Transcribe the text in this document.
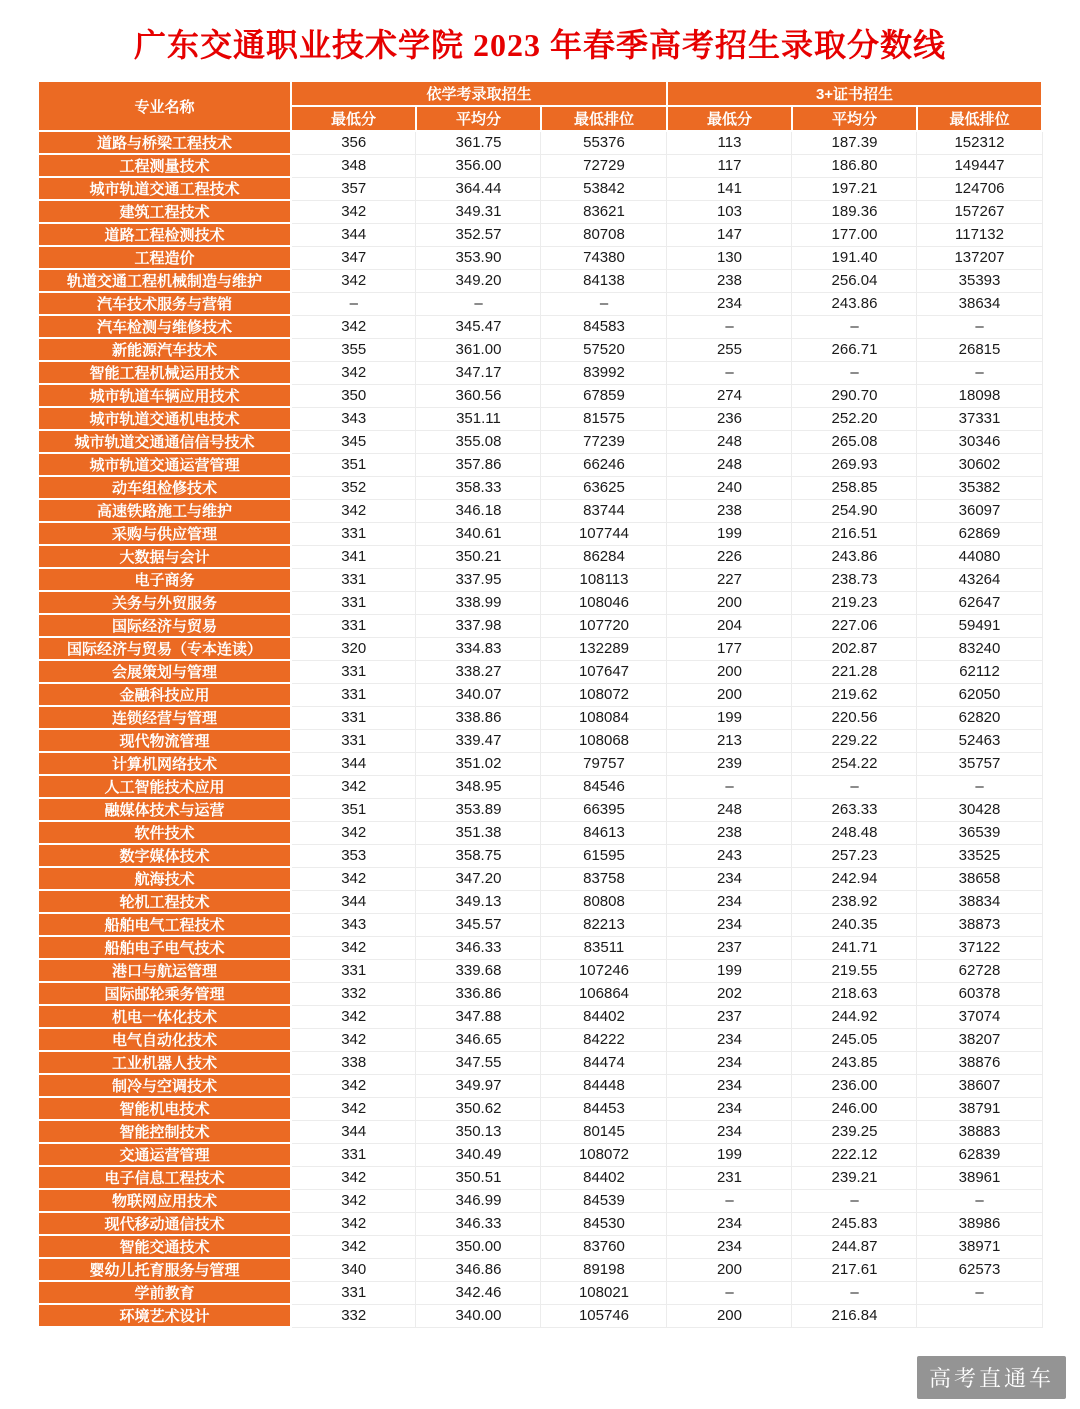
广东交通职业技术学院 2023 年春季高考招生录取分数线
专业名称	依学考录取招生			3+证书招生		
	最低分	平均分	最低排位	最低分	平均分	最低排位
道路与桥梁工程技术	356	361.75	55376	113	187.39	152312
工程测量技术	348	356.00	72729	117	186.80	149447
城市轨道交通工程技术	357	364.44	53842	141	197.21	124706
建筑工程技术	342	349.31	83621	103	189.36	157267
道路工程检测技术	344	352.57	80708	147	177.00	117132
工程造价	347	353.90	74380	130	191.40	137207
轨道交通工程机械制造与维护	342	349.20	84138	238	256.04	35393
汽车技术服务与营销	–	–	–	234	243.86	38634
汽车检测与维修技术	342	345.47	84583	–	–	–
新能源汽车技术	355	361.00	57520	255	266.71	26815
智能工程机械运用技术	342	347.17	83992	–	–	–
城市轨道车辆应用技术	350	360.56	67859	274	290.70	18098
城市轨道交通机电技术	343	351.11	81575	236	252.20	37331
城市轨道交通通信信号技术	345	355.08	77239	248	265.08	30346
城市轨道交通运营管理	351	357.86	66246	248	269.93	30602
动车组检修技术	352	358.33	63625	240	258.85	35382
高速铁路施工与维护	342	346.18	83744	238	254.90	36097
采购与供应管理	331	340.61	107744	199	216.51	62869
大数据与会计	341	350.21	86284	226	243.86	44080
电子商务	331	337.95	108113	227	238.73	43264
关务与外贸服务	331	338.99	108046	200	219.23	62647
国际经济与贸易	331	337.98	107720	204	227.06	59491
国际经济与贸易（专本连读）	320	334.83	132289	177	202.87	83240
会展策划与管理	331	338.27	107647	200	221.28	62112
金融科技应用	331	340.07	108072	200	219.62	62050
连锁经营与管理	331	338.86	108084	199	220.56	62820
现代物流管理	331	339.47	108068	213	229.22	52463
计算机网络技术	344	351.02	79757	239	254.22	35757
人工智能技术应用	342	348.95	84546	–	–	–
融媒体技术与运营	351	353.89	66395	248	263.33	30428
软件技术	342	351.38	84613	238	248.48	36539
数字媒体技术	353	358.75	61595	243	257.23	33525
航海技术	342	347.20	83758	234	242.94	38658
轮机工程技术	344	349.13	80808	234	238.92	38834
船舶电气工程技术	343	345.57	82213	234	240.35	38873
船舶电子电气技术	342	346.33	83511	237	241.71	37122
港口与航运管理	331	339.68	107246	199	219.55	62728
国际邮轮乘务管理	332	336.86	106864	202	218.63	60378
机电一体化技术	342	347.88	84402	237	244.92	37074
电气自动化技术	342	346.65	84222	234	245.05	38207
工业机器人技术	338	347.55	84474	234	243.85	38876
制冷与空调技术	342	349.97	84448	234	236.00	38607
智能机电技术	342	350.62	84453	234	246.00	38791
智能控制技术	344	350.13	80145	234	239.25	38883
交通运营管理	331	340.49	108072	199	222.12	62839
电子信息工程技术	342	350.51	84402	231	239.21	38961
物联网应用技术	342	346.99	84539	–	–	–
现代移动通信技术	342	346.33	84530	234	245.83	38986
智能交通技术	342	350.00	83760	234	244.87	38971
婴幼儿托育服务与管理	340	346.86	89198	200	217.61	62573
学前教育	331	342.46	108021	–	–	–
环境艺术设计	332	340.00	105746	200	216.84	
高考直通车
